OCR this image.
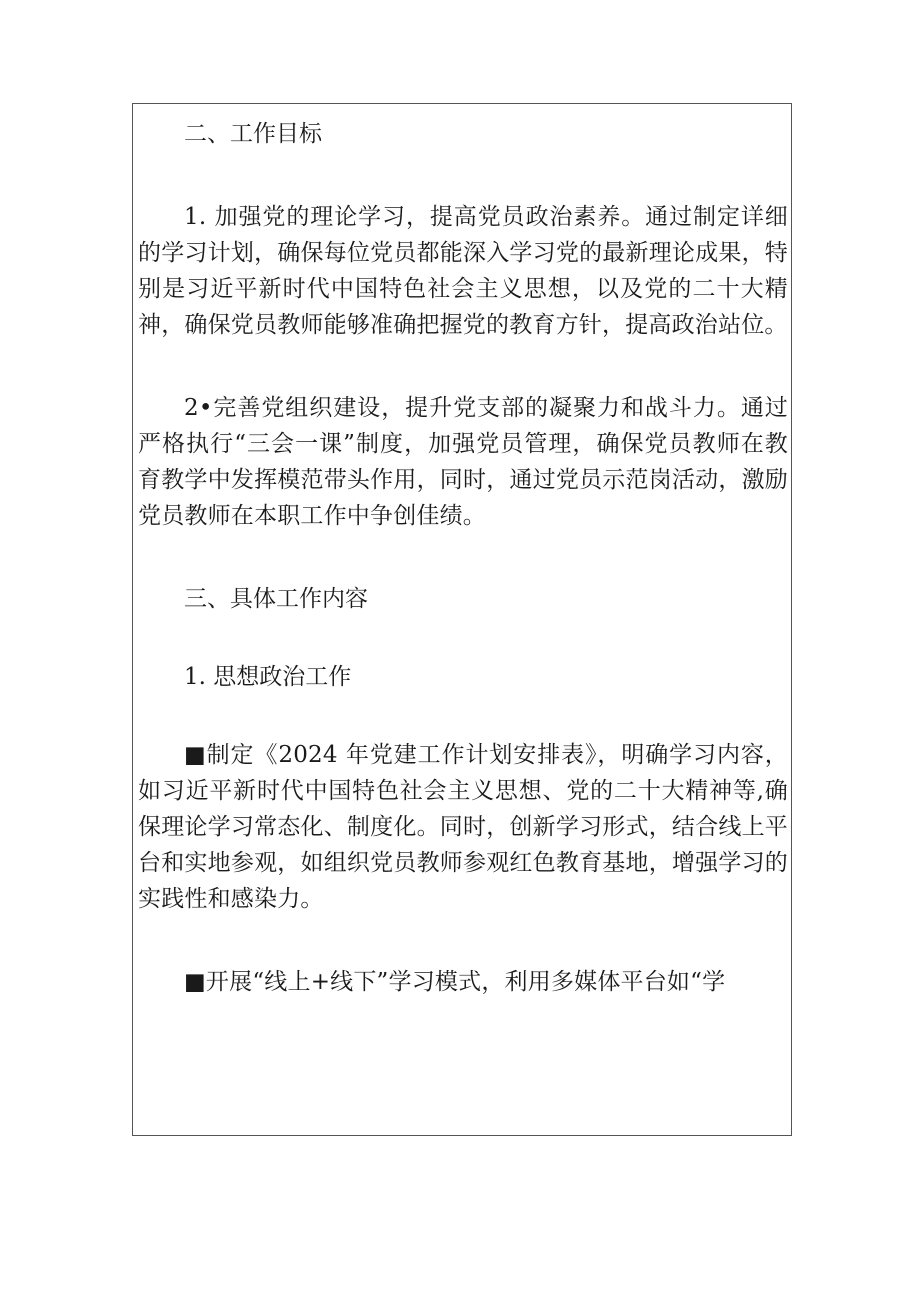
二、工作目标

1. 加强党的理论学习，提高党员政治素养。通过制定详细的学习计划，确保每位党员都能深入学习党的最新理论成果，特别是习近平新时代中国特色社会主义思想，以及党的二十大精神，确保党员教师能够准确把握党的教育方针，提高政治站位。

2•完善党组织建设，提升党支部的凝聚力和战斗力。通过严格执行“三会一课”制度，加强党员管理，确保党员教师在教育教学中发挥模范带头作用，同时，通过党员示范岗活动，激励党员教师在本职工作中争创佳绩。

三、具体工作内容

1. 思想政治工作

■制定《2024 年党建工作计划安排表》，明确学习内容，如习近平新时代中国特色社会主义思想、党的二十大精神等,确保理论学习常态化、制度化。同时，创新学习形式，结合线上平台和实地参观，如组织党员教师参观红色教育基地，增强学习的实践性和感染力。

■开展“线上+线下”学习模式，利用多媒体平台如“学
